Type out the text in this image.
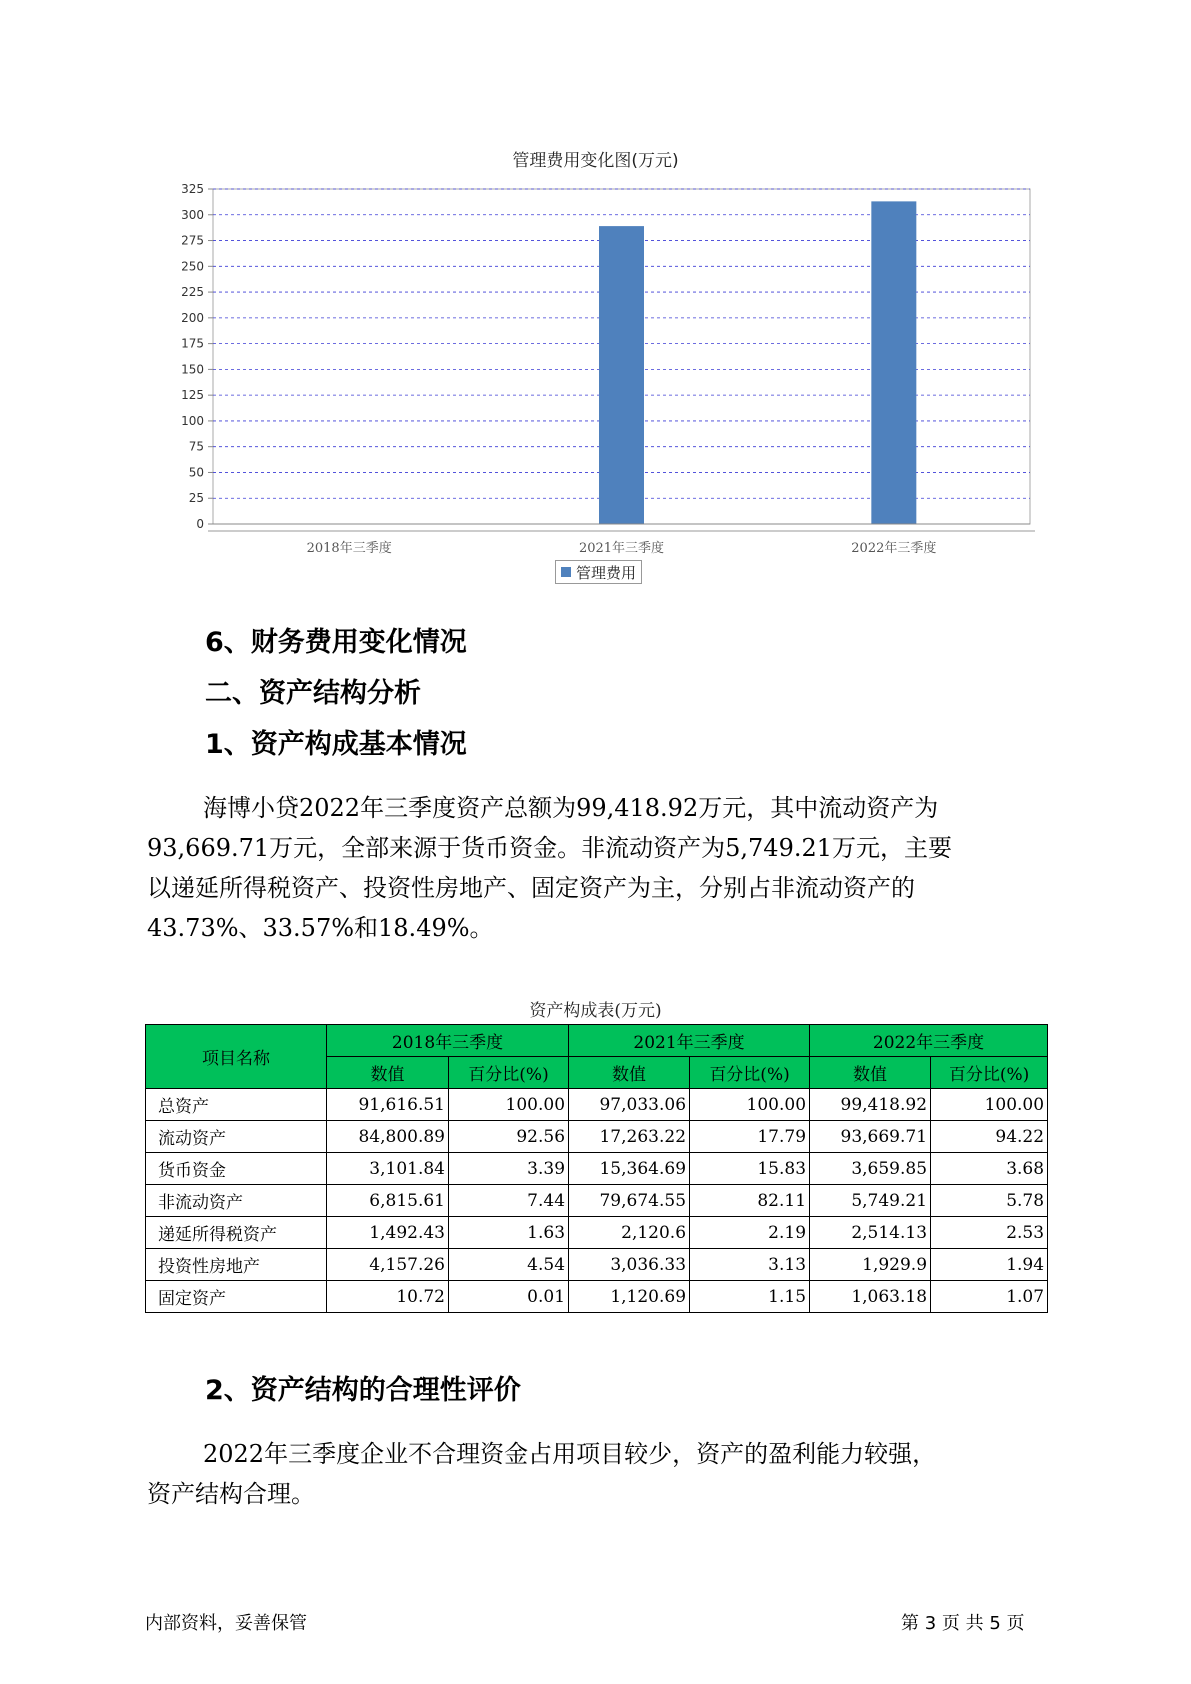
管理费用变化图(万元)
0
25
50
75
100
125
150
175
200
225
250
275
300
325
2018年三季度	2021年三季度	2022年三季度
管理费用
6、财务费用变化情况
二、资产结构分析
1、资产构成基本情况
海博小贷2022年三季度资产总额为99,418.92万元，其中流动资产为
93,669.71万元，全部来源于货币资金。非流动资产为5,749.21万元，主要
以递延所得税资产、投资性房地产、固定资产为主，分别占非流动资产的
43.73%、33.57%和18.49%。
资产构成表(万元)
项目名称	2018年三季度		2021年三季度		2022年三季度	
	数值	百分比(%)	数值	百分比(%)	数值	百分比(%)
总资产	91,616.51	100.00	97,033.06	100.00	99,418.92	100.00
流动资产	84,800.89	92.56	17,263.22	17.79	93,669.71	94.22
货币资金	3,101.84	3.39	15,364.69	15.83	3,659.85	3.68
非流动资产	6,815.61	7.44	79,674.55	82.11	5,749.21	5.78
递延所得税资产	1,492.43	1.63	2,120.6	2.19	2,514.13	2.53
投资性房地产	4,157.26	4.54	3,036.33	3.13	1,929.9	1.94
固定资产	10.72	0.01	1,120.69	1.15	1,063.18	1.07
2、资产结构的合理性评价
2022年三季度企业不合理资金占用项目较少，资产的盈利能力较强，
资产结构合理。
内部资料，妥善保管	第 3 页 共 5 页
